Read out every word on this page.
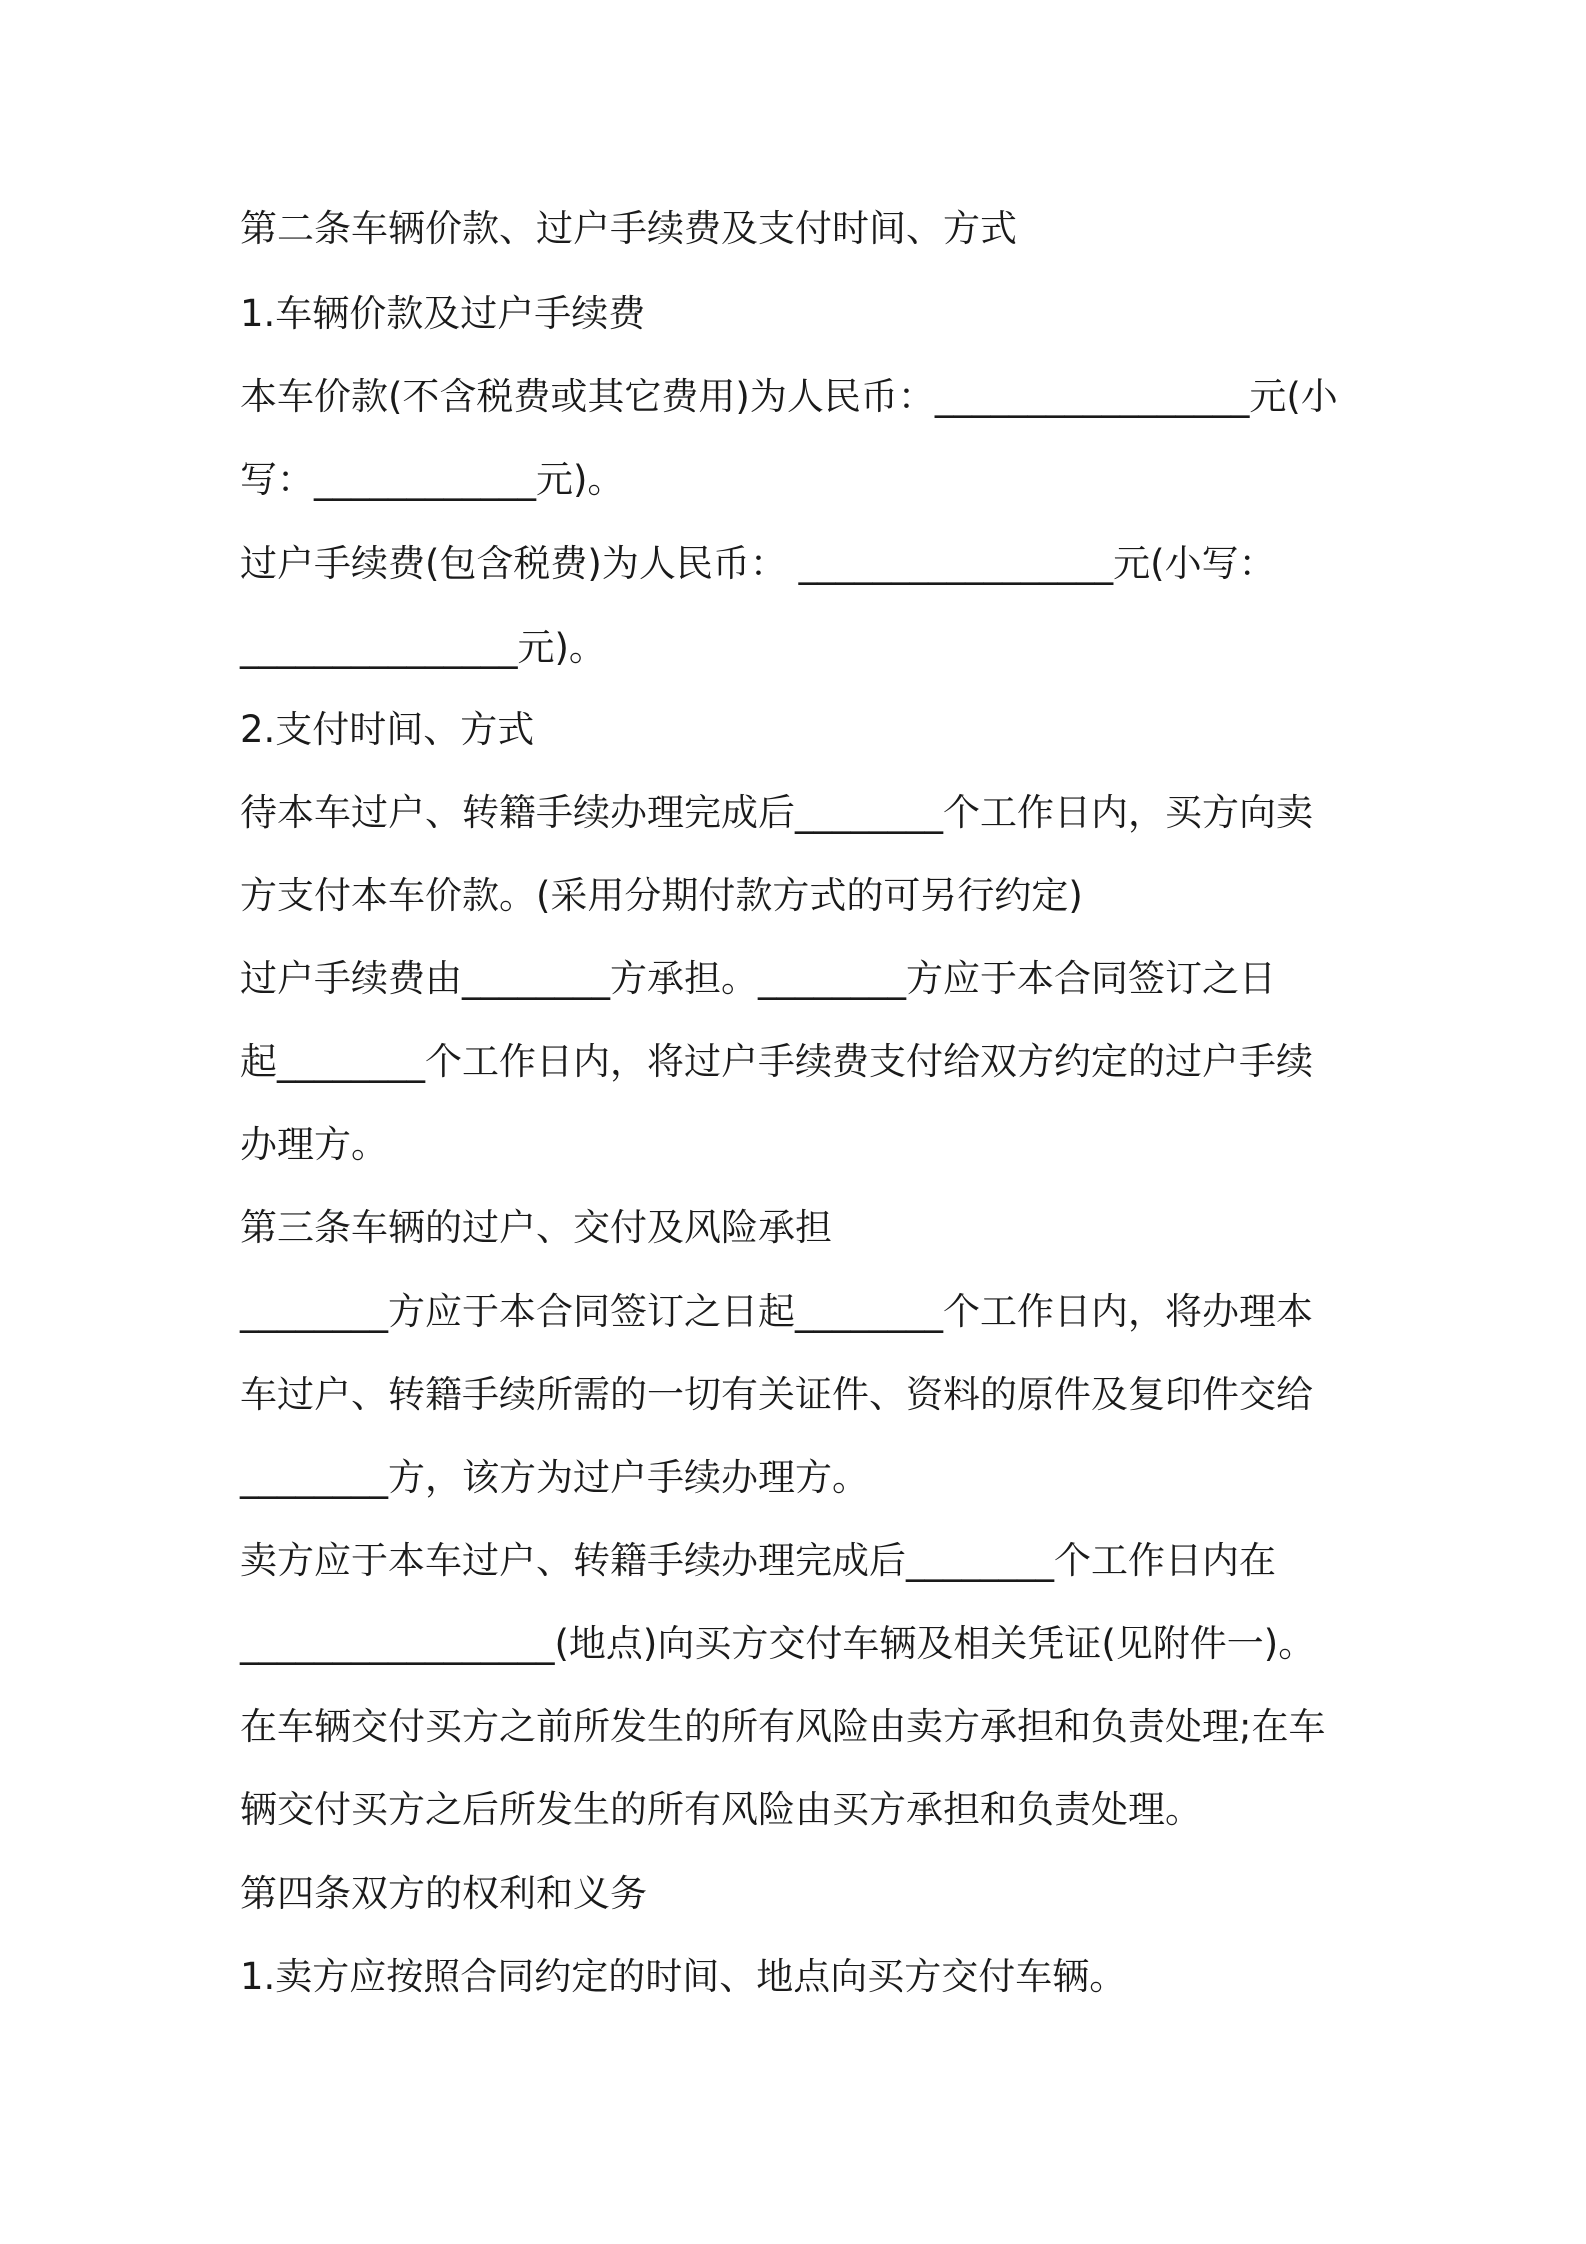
第二条车辆价款、过户手续费及支付时间、方式

1.车辆价款及过户手续费

本车价款(不含税费或其它费用)为人民币：_________________元(小

写：____________元)。

过户手续费(包含税费)为人民币： _________________元(小写：

_______________元)。

2.支付时间、方式

待本车过户、转籍手续办理完成后________个工作日内，买方向卖

方支付本车价款。(采用分期付款方式的可另行约定)

过户手续费由________方承担。________方应于本合同签订之日

起________个工作日内，将过户手续费支付给双方约定的过户手续

办理方。

第三条车辆的过户、交付及风险承担

________方应于本合同签订之日起________个工作日内，将办理本

车过户、转籍手续所需的一切有关证件、资料的原件及复印件交给

________方，该方为过户手续办理方。

卖方应于本车过户、转籍手续办理完成后________个工作日内在

_________________(地点)向买方交付车辆及相关凭证(见附件一)。

在车辆交付买方之前所发生的所有风险由卖方承担和负责处理;在车

辆交付买方之后所发生的所有风险由买方承担和负责处理。

第四条双方的权利和义务

1.卖方应按照合同约定的时间、地点向买方交付车辆。
